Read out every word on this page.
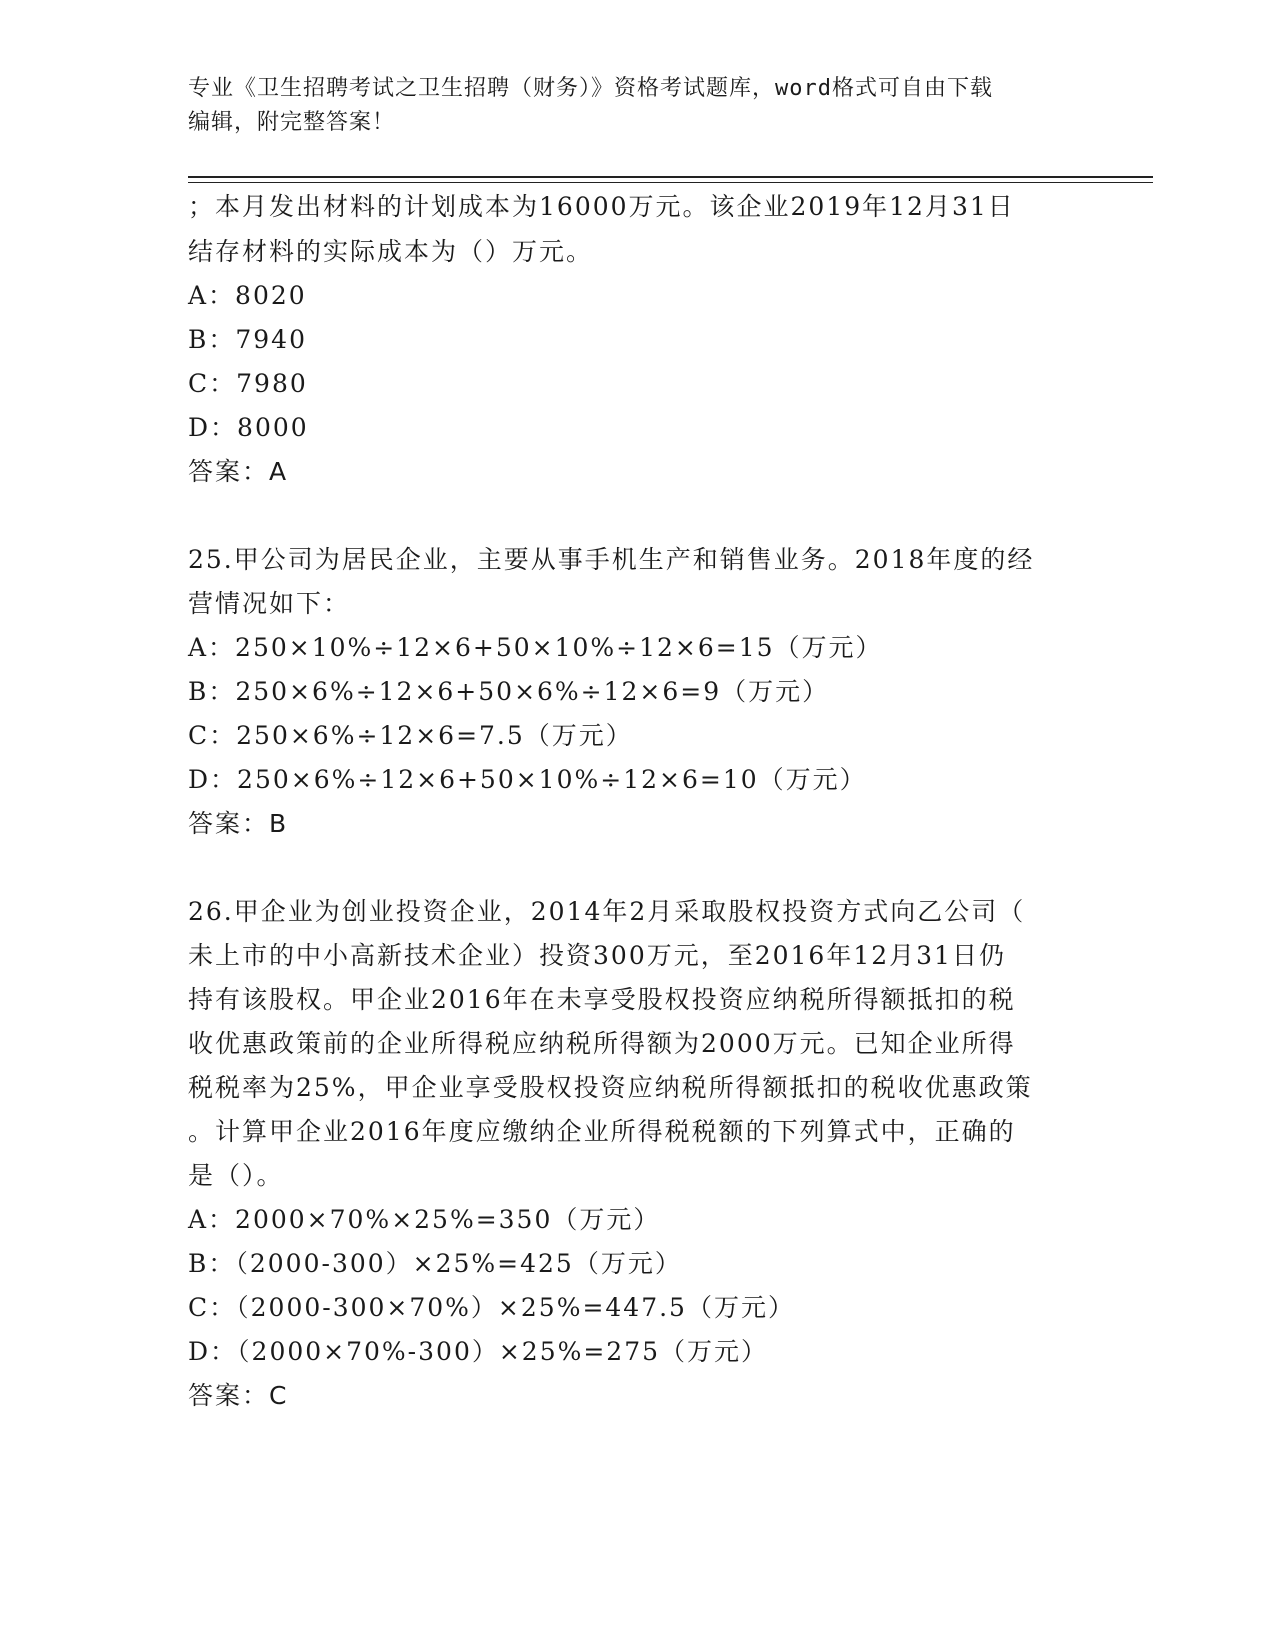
专业《卫生招聘考试之卫生招聘（财务）》资格考试题库，word格式可自由下载
编辑，附完整答案！
；本月发出材料的计划成本为16000万元。该企业2019年12月31日
结存材料的实际成本为（）万元。
A：8020
B：7940
C：7980
D：8000
答案：A
25.甲公司为居民企业，主要从事手机生产和销售业务。2018年度的经
营情况如下：
A：250×10%÷12×6+50×10%÷12×6=15（万元）
B：250×6%÷12×6+50×6%÷12×6=9（万元）
C：250×6%÷12×6=7.5（万元）
D：250×6%÷12×6+50×10%÷12×6=10（万元）
答案：B
26.甲企业为创业投资企业，2014年2月采取股权投资方式向乙公司（
未上市的中小高新技术企业）投资300万元，至2016年12月31日仍
持有该股权。甲企业2016年在未享受股权投资应纳税所得额抵扣的税
收优惠政策前的企业所得税应纳税所得额为2000万元。已知企业所得
税税率为25%，甲企业享受股权投资应纳税所得额抵扣的税收优惠政策
。计算甲企业2016年度应缴纳企业所得税税额的下列算式中，正确的
是（）。
A：2000×70%×25%=350（万元）
B：（2000-300）×25%=425（万元）
C：（2000-300×70%）×25%=447.5（万元）
D：（2000×70%-300）×25%=275（万元）
答案：C
